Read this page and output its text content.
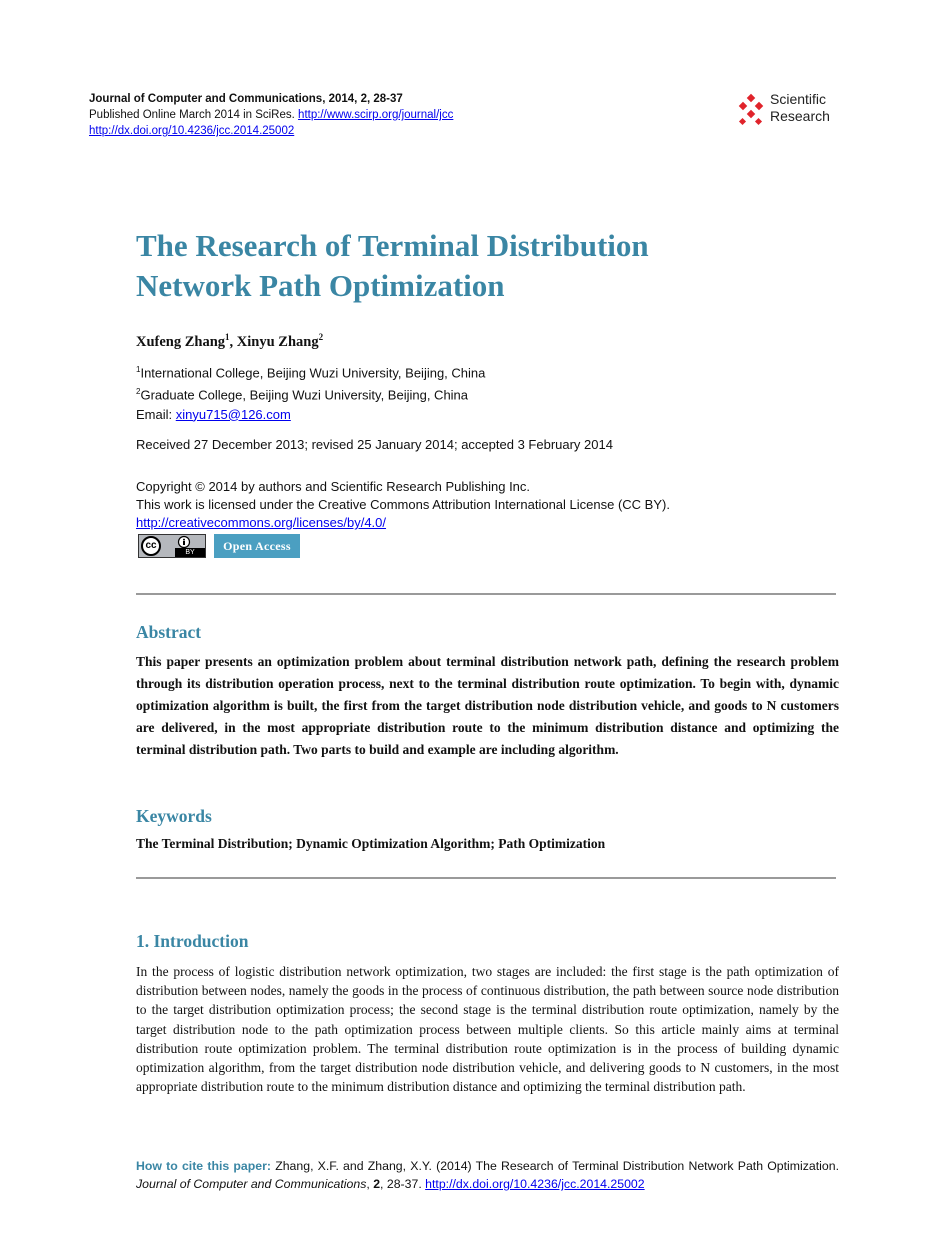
Journal of Computer and Communications, 2014, 2, 28-37
Published Online March 2014 in SciRes. http://www.scirp.org/journal/jcc
http://dx.doi.org/10.4236/jcc.2014.25002
Scientific
Research
The Research of Terminal Distribution
Network Path Optimization
Xufeng Zhang$^1$, Xinyu Zhang$^2$
$^1$International College, Beijing Wuzi University, Beijing, China
$^2$Graduate College, Beijing Wuzi University, Beijing, China
Email: xinyu715@126.com
Received 27 December 2013; revised 25 January 2014; accepted 3 February 2014
Copyright © 2014 by authors and Scientific Research Publishing Inc.
This work is licensed under the Creative Commons Attribution International License (CC BY).
http://creativecommons.org/licenses/by/4.0/
cc
BY	Open Access
Abstract
This paper presents an optimization problem about terminal distribution network path, defining the research problem through its distribution operation process, next to the terminal distribution route optimization. To begin with, dynamic optimization algorithm is built, the first from the target distribution node distribution vehicle, and goods to N customers are delivered, in the most appropriate distribution route to the minimum distribution distance and optimizing the terminal distribution path. Two parts to build and example are including algorithm.
Keywords
The Terminal Distribution; Dynamic Optimization Algorithm; Path Optimization
1. Introduction
In the process of logistic distribution network optimization, two stages are included: the first stage is the path optimization of distribution between nodes, namely the goods in the process of continuous distribution, the path between source node distribution to the target distribution optimization process; the second stage is the terminal distribution route optimization, namely by the target distribution node to the path optimization process between multiple clients. So this article mainly aims at terminal distribution route optimization problem. The terminal distribution route optimization is in the process of building dynamic optimization algorithm, from the target distribution node distribution vehicle, and delivering goods to N customers, in the most appropriate distribution route to the minimum distribution distance and optimizing the terminal distribution path.
How to cite this paper: Zhang, X.F. and Zhang, X.Y. (2014) The Research of Terminal Distribution Network Path Optimization. Journal of Computer and Communications, 2, 28-37. http://dx.doi.org/10.4236/jcc.2014.25002
